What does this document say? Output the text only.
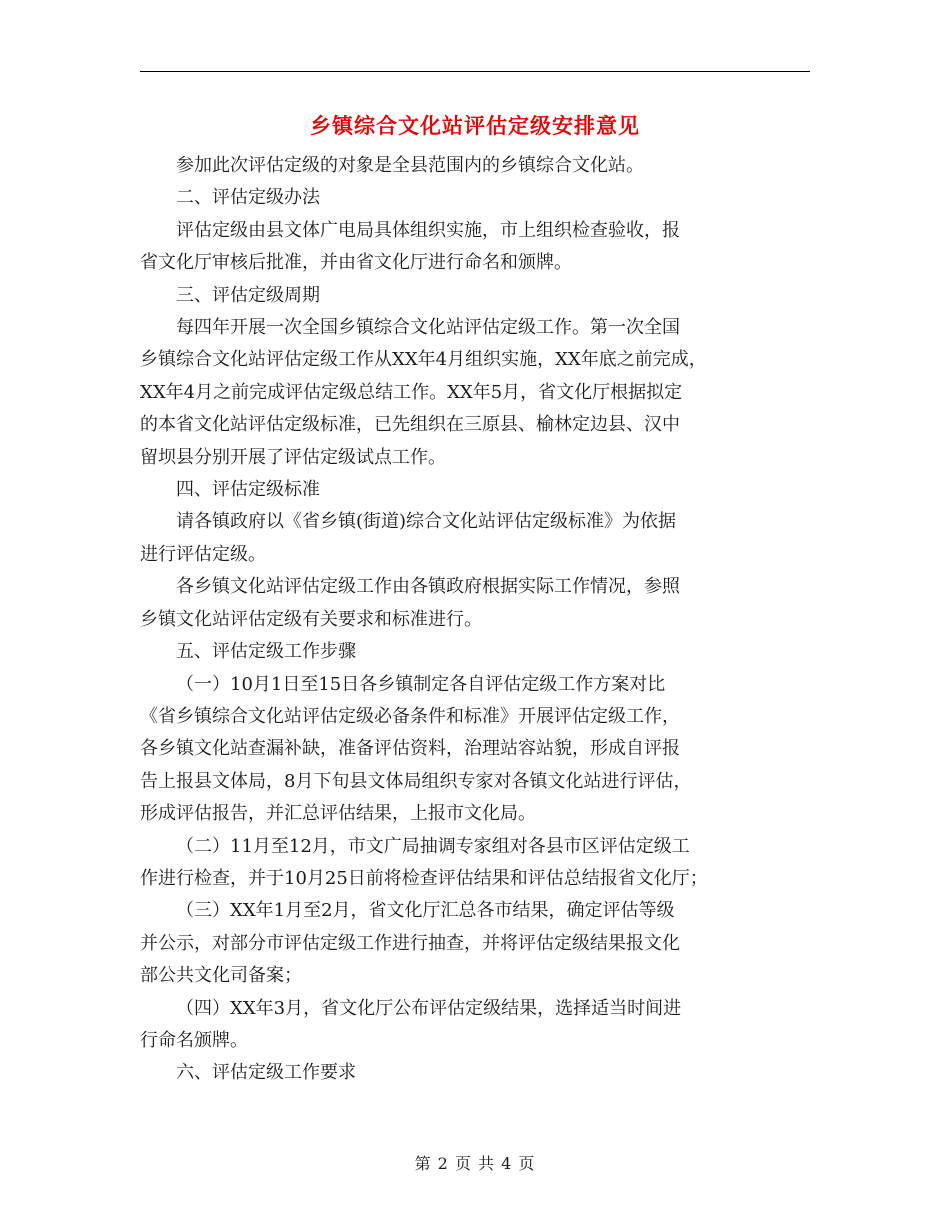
乡镇综合文化站评估定级安排意见

参加此次评估定级的对象是全县范围内的乡镇综合文化站。

二、评估定级办法

评估定级由县文体广电局具体组织实施，市上组织检查验收，报
省文化厅审核后批准，并由省文化厅进行命名和颁牌。

三、评估定级周期

每四年开展一次全国乡镇综合文化站评估定级工作。第一次全国
乡镇综合文化站评估定级工作从XX年4月组织实施，XX年底之前完成，
XX年4月之前完成评估定级总结工作。XX年5月，省文化厅根据拟定
的本省文化站评估定级标准，已先组织在三原县、榆林定边县、汉中
留坝县分别开展了评估定级试点工作。

四、评估定级标准

请各镇政府以《省乡镇(街道)综合文化站评估定级标准》为依据
进行评估定级。

各乡镇文化站评估定级工作由各镇政府根据实际工作情况，参照
乡镇文化站评估定级有关要求和标准进行。

五、评估定级工作步骤

（一）10月1日至15日各乡镇制定各自评估定级工作方案对比
《省乡镇综合文化站评估定级必备条件和标准》开展评估定级工作，
各乡镇文化站查漏补缺，准备评估资料，治理站容站貌，形成自评报
告上报县文体局，8月下旬县文体局组织专家对各镇文化站进行评估，
形成评估报告，并汇总评估结果，上报市文化局。

（二）11月至12月，市文广局抽调专家组对各县市区评估定级工
作进行检查，并于10月25日前将检查评估结果和评估总结报省文化厅；

（三）XX年1月至2月，省文化厅汇总各市结果，确定评估等级
并公示，对部分市评估定级工作进行抽查，并将评估定级结果报文化
部公共文化司备案；

（四）XX年3月，省文化厅公布评估定级结果，选择适当时间进
行命名颁牌。

六、评估定级工作要求

第 2 页 共 4 页
